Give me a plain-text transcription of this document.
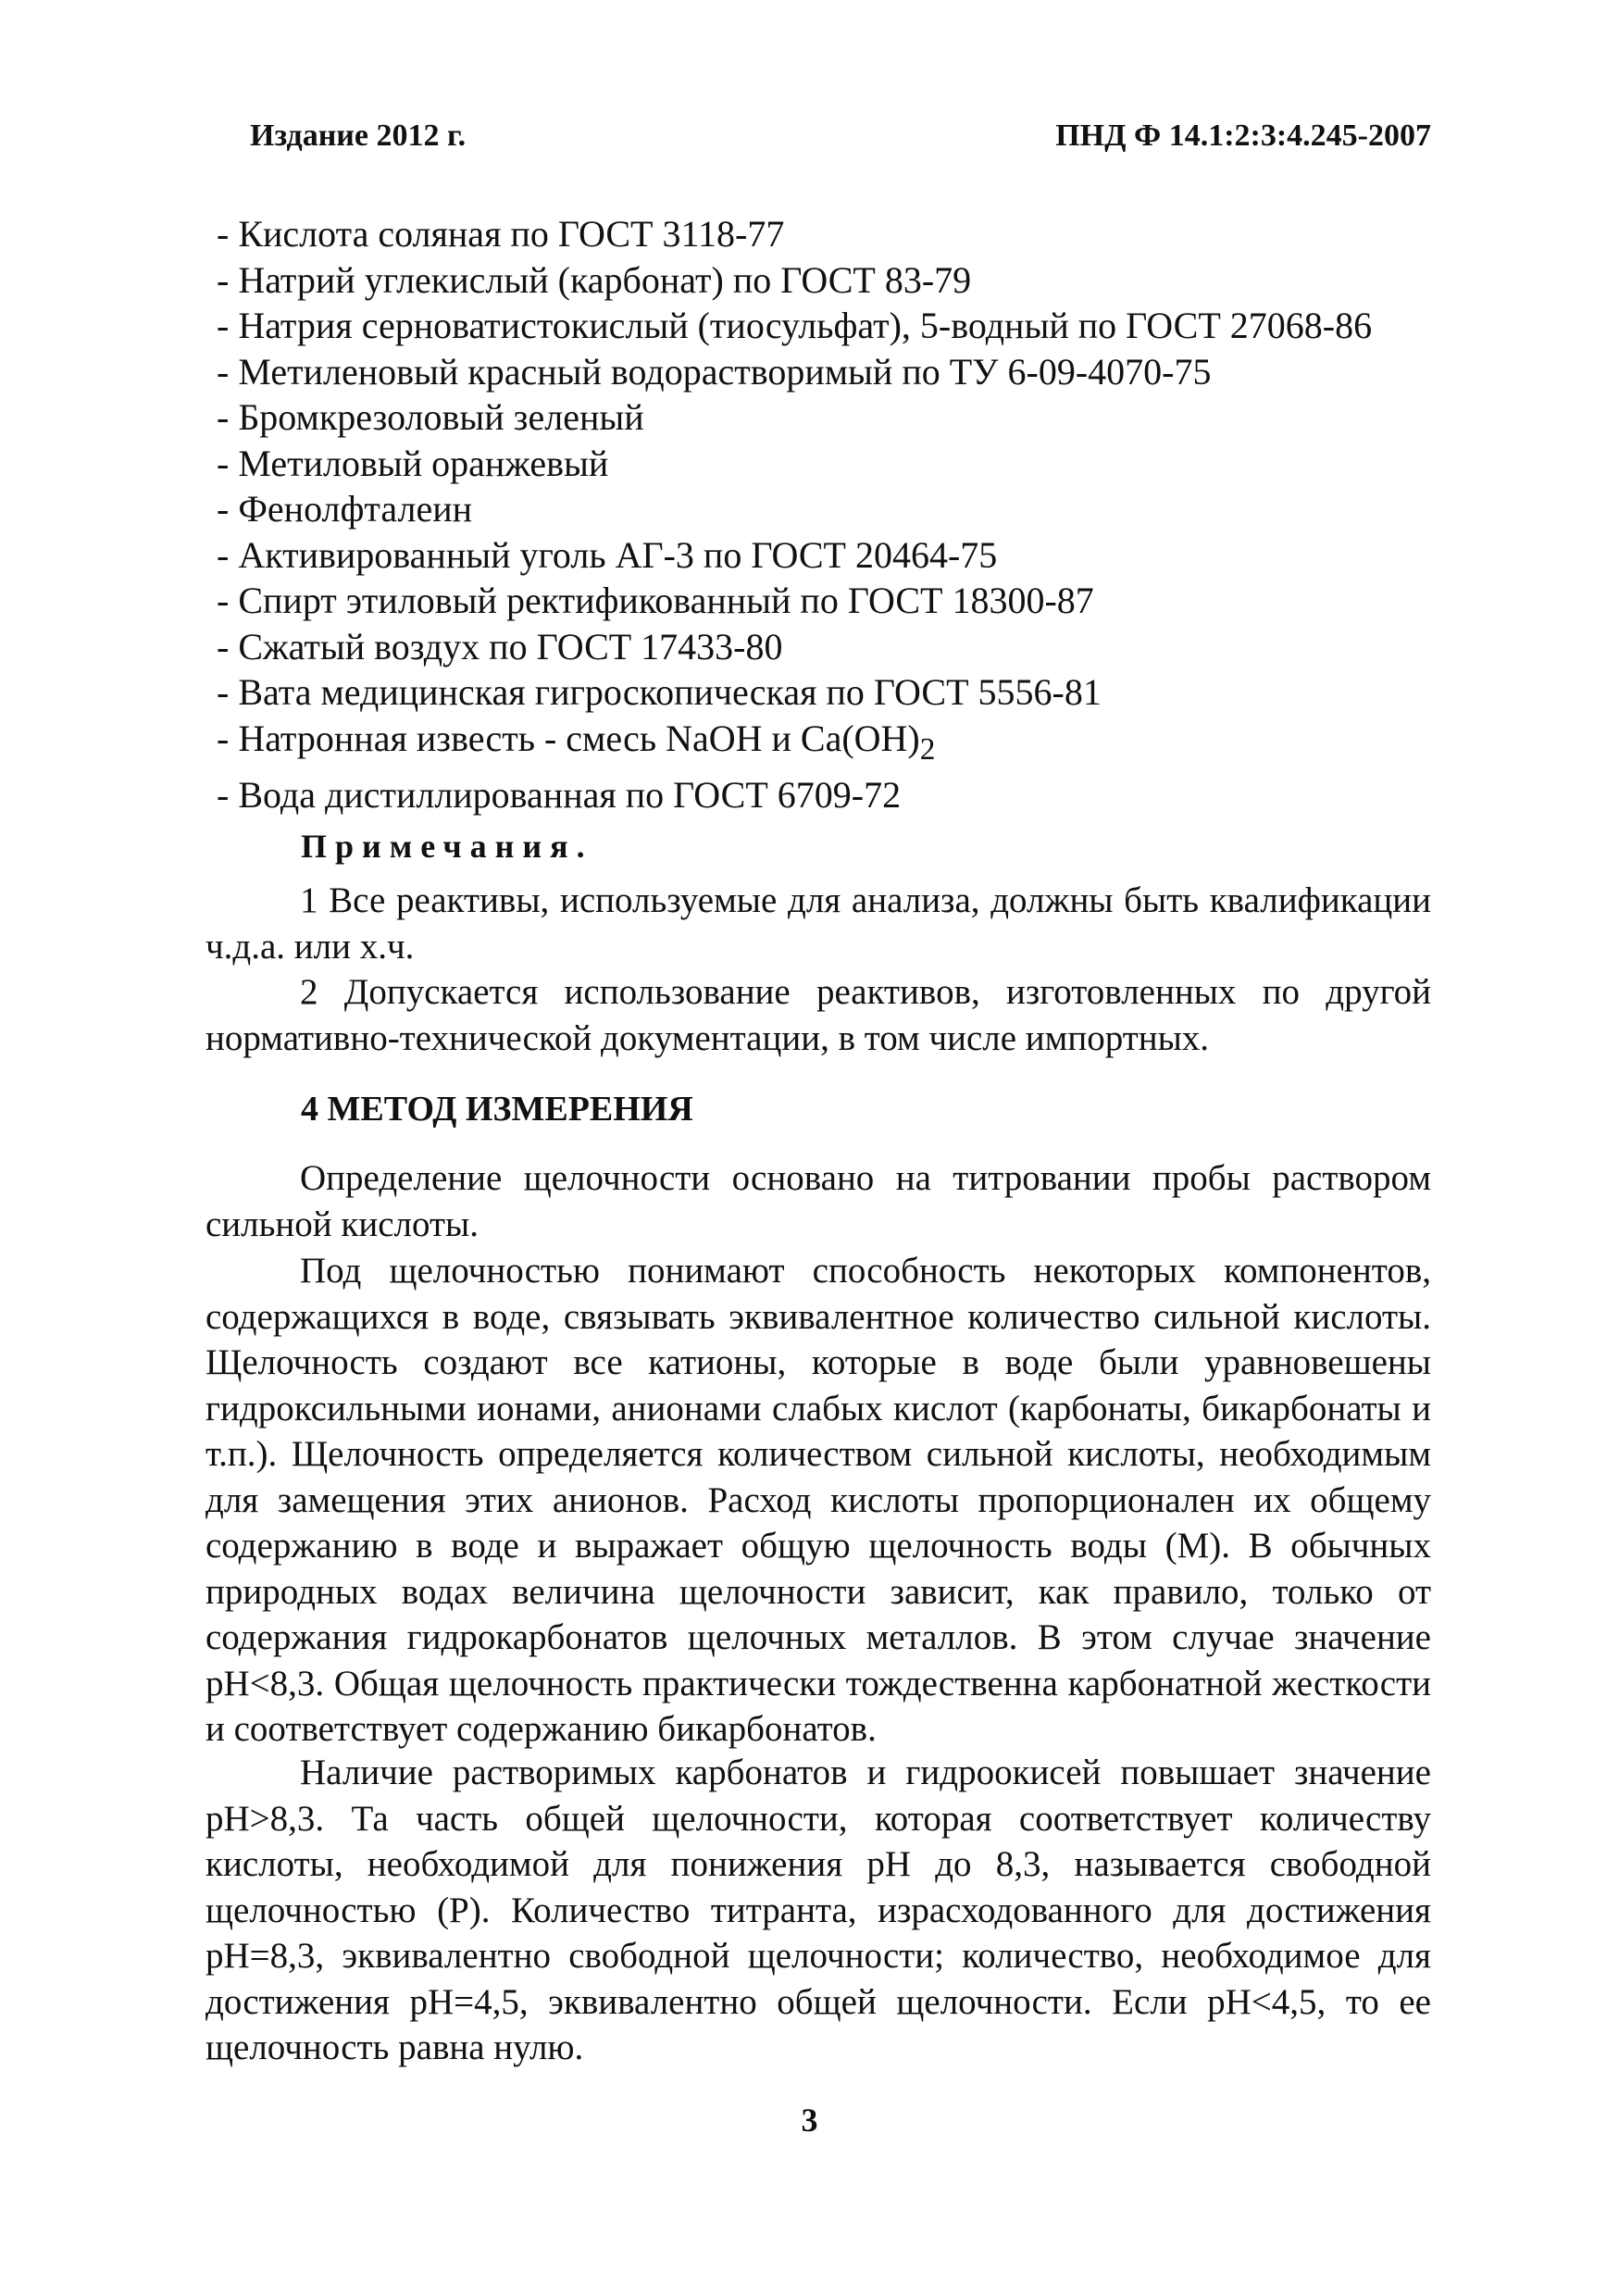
Издание 2012 г.	ПНД Ф 14.1:2:3:4.245-2007
- Кислота соляная по ГОСТ 3118-77
- Натрий углекислый (карбонат) по ГОСТ 83-79
- Натрия серноватистокислый (тиосульфат), 5-водный по ГОСТ 27068-86
- Метиленовый красный водорастворимый по ТУ 6-09-4070-75
- Бромкрезоловый зеленый
- Метиловый оранжевый
- Фенолфталеин
- Активированный уголь АГ-3 по ГОСТ 20464-75
- Спирт этиловый ректификованный по ГОСТ 18300-87
- Сжатый воздух по ГОСТ 17433-80
- Вата медицинская гигроскопическая по ГОСТ 5556-81
- Натронная известь - смесь NaOH и $Ca(OH)_2$
- Вода дистиллированная по ГОСТ 6709-72
Примечания.

1 Все реактивы, используемые для анализа, должны быть квалификации ч.д.а. или х.ч.

2 Допускается использование реактивов, изготовленных по другой нормативно-технической документации, в том числе импортных.

4 МЕТОД ИЗМЕРЕНИЯ

Определение щелочности основано на титровании пробы раствором сильной кислоты.

Под щелочностью понимают способность некоторых компонентов, содержащихся в воде, связывать эквивалентное количество сильной кислоты. Щелочность создают все катионы, которые в воде были уравновешены гидроксильными ионами, анионами слабых кислот (карбонаты, бикарбонаты и т.п.). Щелочность определяется количеством сильной кислоты, необходимым для замещения этих анионов. Расход кислоты пропорционален их общему содержанию в воде и выражает общую щелочность воды (М). В обычных природных водах величина щелочности зависит, как правило, только от содержания гидрокарбонатов щелочных металлов. В этом случае значение рН<8,3. Общая щелочность практически тождественна карбонатной жесткости и соответствует содержанию бикарбонатов.

Наличие растворимых карбонатов и гидроокисей повышает значение рН>8,3. Та часть общей щелочности, которая соответствует количеству кислоты, необходимой для понижения рН до 8,3, называется свободной щелочностью (Р). Количество титранта, израсходованного для достижения рН=8,3, эквивалентно свободной щелочности; количество, необходимое для достижения рН=4,5, эквивалентно общей щелочности. Если рН<4,5, то ее щелочность равна нулю.

3
